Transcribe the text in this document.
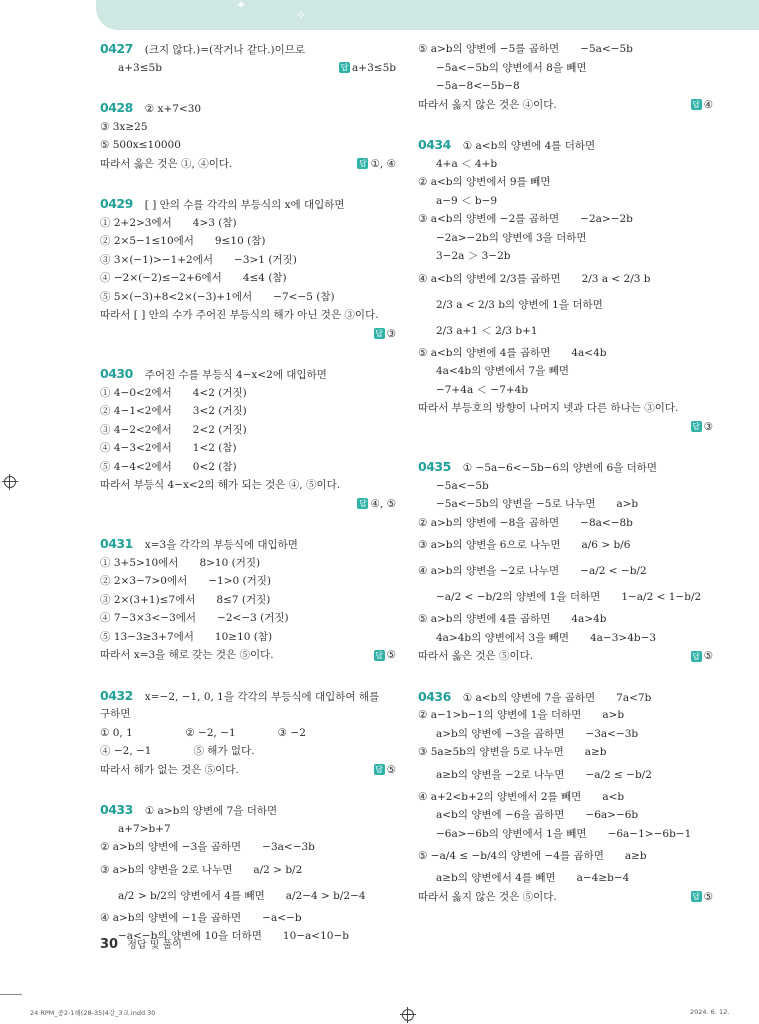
✦
✧
0427 (크지 않다.)=(작거나 같다.)이므로
a+3≤5b	답 a+3≤5b
0428 ② x+7<30
③ 3x≥25
⑤ 500x≤10000
따라서 옳은 것은 ①, ④이다.	답 ①, ④
0429 [ ] 안의 수를 각각의 부등식의 x에 대입하면
① 2+2>3에서　　4>3 (참)
② 2×5−1≤10에서　　9≤10 (참)
③ 3×(−1)>−1+2에서　　−3>1 (거짓)
④ −2×(−2)≤−2+6에서　　4≤4 (참)
⑤ 5×(−3)+8<2×(−3)+1에서　　−7<−5 (참)
따라서 [ ] 안의 수가 주어진 부등식의 해가 아닌 것은 ③이다.
답 ③
0430 주어진 수를 부등식 4−x<2에 대입하면
① 4−0<2에서　　4<2 (거짓)
② 4−1<2에서　　3<2 (거짓)
③ 4−2<2에서　　2<2 (거짓)
④ 4−3<2에서　　1<2 (참)
⑤ 4−4<2에서　　0<2 (참)
따라서 부등식 4−x<2의 해가 되는 것은 ④, ⑤이다.
답 ④, ⑤
0431 x=3을 각각의 부등식에 대입하면
① 3+5>10에서　　8>10 (거짓)
② 2×3−7>0에서　　−1>0 (거짓)
③ 2×(3+1)≤7에서　　8≤7 (거짓)
④ 7−3×3<−3에서　　−2<−3 (거짓)
⑤ 13−3≥3+7에서　　10≥10 (참)
따라서 x=3을 해로 갖는 것은 ⑤이다.	답 ⑤
0432 x=−2, −1, 0, 1을 각각의 부등식에 대입하여 해를
구하면
① 0, 1　　　　　② −2, −1　　　　③ −2
④ −2, −1　　　　⑤ 해가 없다.
따라서 해가 없는 것은 ⑤이다.	답 ⑤
0433 ① a>b의 양변에 7을 더하면
a+7>b+7
② a>b의 양변에 −3을 곱하면　　−3a<−3b
③ a>b의 양변을 2로 나누면　　a/2 > b/2
a/2 > b/2의 양변에서 4를 빼면　　a/2−4 > b/2−4
④ a>b의 양변에 −1을 곱하면　　−a<−b
−a<−b의 양변에 10을 더하면　　10−a<10−b
⑤ a>b의 양변에 −5를 곱하면　　−5a<−5b
−5a<−5b의 양변에서 8을 빼면
−5a−8<−5b−8
따라서 옳지 않은 것은 ④이다.	답 ④
0434 ① a<b의 양변에 4를 더하면
4+a ＜ 4+b
② a<b의 양변에서 9를 빼면
a−9 ＜ b−9
③ a<b의 양변에 −2를 곱하면　　−2a>−2b
−2a>−2b의 양변에 3을 더하면
3−2a ＞ 3−2b
④ a<b의 양변에 2/3를 곱하면　　2/3 a < 2/3 b
2/3 a < 2/3 b의 양변에 1을 더하면
2/3 a+1 ＜ 2/3 b+1
⑤ a<b의 양변에 4를 곱하면　　4a<4b
4a<4b의 양변에서 7을 빼면
−7+4a ＜ −7+4b
따라서 부등호의 방향이 나머지 넷과 다른 하나는 ③이다.
답 ③
0435 ① −5a−6<−5b−6의 양변에 6을 더하면
−5a<−5b
−5a<−5b의 양변을 −5로 나누면　　a>b
② a>b의 양변에 −8을 곱하면　　−8a<−8b
③ a>b의 양변을 6으로 나누면　　a/6 > b/6
④ a>b의 양변을 −2로 나누면　　−a/2 < −b/2
−a/2 < −b/2의 양변에 1을 더하면　　1−a/2 < 1−b/2
⑤ a>b의 양변에 4를 곱하면　　4a>4b
4a>4b의 양변에서 3을 빼면　　4a−3>4b−3
따라서 옳은 것은 ⑤이다.	답 ⑤
0436 ① a<b의 양변에 7을 곱하면　　7a<7b
② a−1>b−1의 양변에 1을 더하면　　a>b
a>b의 양변에 −3을 곱하면　　−3a<−3b
③ 5a≥5b의 양변을 5로 나누면　　a≥b
a≥b의 양변을 −2로 나누면　　−a/2 ≤ −b/2
④ a+2<b+2의 양변에서 2를 빼면　　a<b
a<b의 양변에 −6을 곱하면　　−6a>−6b
−6a>−6b의 양변에서 1을 빼면　　−6a−1>−6b−1
⑤ −a/4 ≤ −b/4의 양변에 −4를 곱하면　　a≥b
a≥b의 양변에서 4를 빼면　　a−4≥b−4
따라서 옳지 않은 것은 ⑤이다.	답 ⑤
30 정답 및 풀이
24 RPM_중2-1해(28-35)4강_3교.indd 30	2024. 6. 12.
